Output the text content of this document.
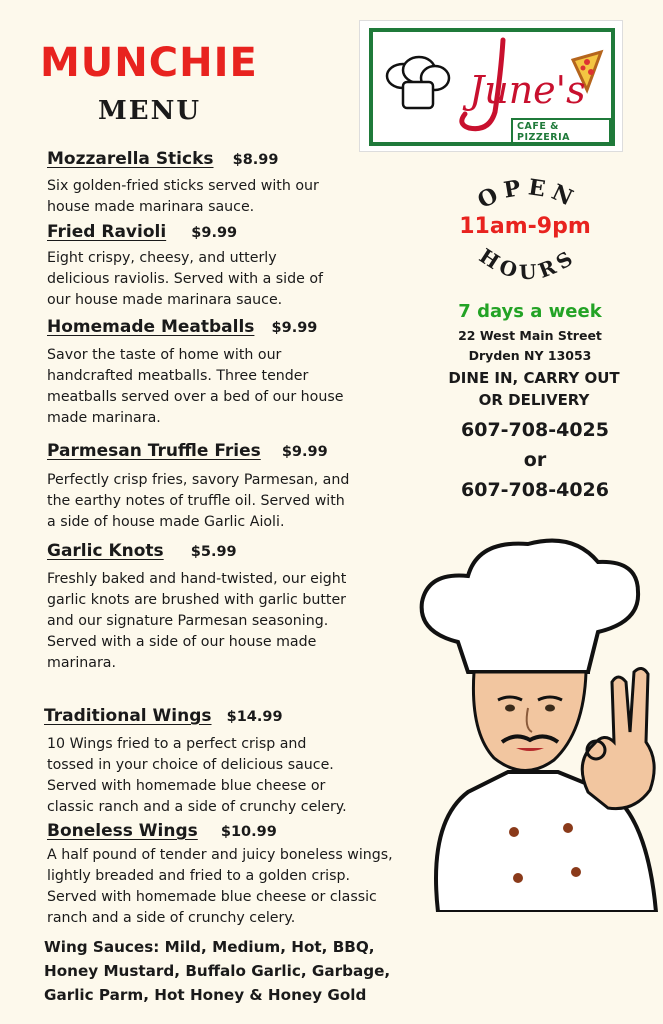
MUNCHIE
MENU	June's
CAFE & PIZZERIA
OPEN
11am-9pm
HOURS
7 days a week
22 West Main Street
Dryden NY 13053
DINE IN, CARRY OUT
OR DELIVERY
607-708-4025
or
607-708-4026
Mozzarella Sticks $8.99
Six golden-fried sticks served with our
house made marinara sauce.
Fried Ravioli $9.99
Eight crispy, cheesy, and utterly
delicious raviolis. Served with a side of
our house made marinara sauce.
Homemade Meatballs $9.99
Savor the taste of home with our
handcrafted meatballs. Three tender
meatballs served over a bed of our house
made marinara.
Parmesan Truffle Fries $9.99
Perfectly crisp fries, savory Parmesan, and
the earthy notes of truffle oil. Served with
a side of house made Garlic Aioli.
Garlic Knots $5.99
Freshly baked and hand-twisted, our eight
garlic knots are brushed with garlic butter
and our signature Parmesan seasoning.
Served with a side of our house made
marinara.
Traditional Wings $14.99
10 Wings fried to a perfect crisp and
tossed in your choice of delicious sauce.
Served with homemade blue cheese or
classic ranch and a side of crunchy celery.
Boneless Wings $10.99
A half pound of tender and juicy boneless wings,
lightly breaded and fried to a golden crisp.
Served with homemade blue cheese or classic
ranch and a side of crunchy celery.
Wing Sauces: Mild, Medium, Hot, BBQ,
Honey Mustard, Buffalo Garlic, Garbage,
Garlic Parm, Hot Honey & Honey Gold
